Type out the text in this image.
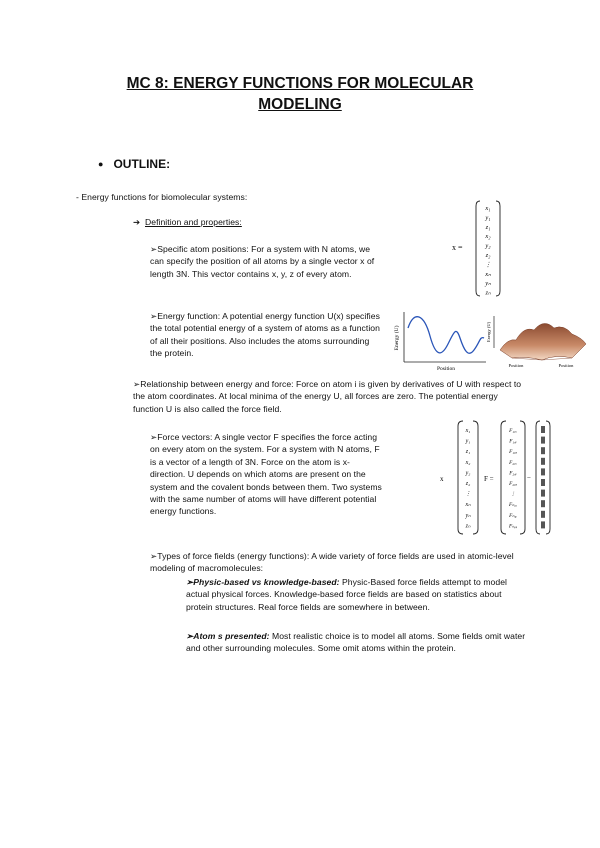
MC 8: ENERGY FUNCTIONS FOR MOLECULAR
MODELING
● OUTLINE:
- Energy functions for biomolecular systems:
➔ Definition and properties:
➢Specific atom positions: For a system with N atoms, we can specify the position of all atoms by a single vector x of length 3N. This vector contains x, y, z of every atom.
➢Energy function: A potential energy function U(x) specifies the total potential energy of a system of atoms as a function of all their positions. Also includes the atoms surrounding the protein.
➢Relationship between energy and force: Force on atom i is given by derivatives of U with respect to the atom coordinates. At local minima of the energy U, all forces are zero. The potential energy function U is also called the force field.
➢Force vectors: A single vector F specifies the force acting on every atom on the system. For a system with N atoms, F is a vector of a length of 3N. Force on the atom is x-direction. U depends on which atoms are present on the system and the covalent bonds between them. Two systems with the same number of atoms will have different potential energy functions.
➢Types of force fields (energy functions): A wide variety of force fields are used in atomic-level modeling of macromolecules:
➢Physic-based vs knowledge-based: Physic-Based force fields attempt to model actual physical forces. Knowledge-based force fields are based on statistics about protein structures. Real force fields are somewhere in between.
➢Atom s presented: Most realistic choice is to model all atoms. Some fields omit water and other surrounding molecules. Some omit atoms within the protein.
x =
x₁
y₁
z₁
x₂
y₂
z₂
⋮
xₙ
yₙ
zₙ
Energy (U)
Position
Energy (U)
Position	Position
x
x₁
y₁
z₁
x₂
y₂
z₂
⋮
xₙ
yₙ
zₙ
F =
F₁,ₓ
F₁,ᵧ
F₁,ᵩ
F₂,ₓ
F₂,ᵧ
F₂,ᵩ
⋮
Fₙ,ₓ
Fₙ,ᵧ
Fₙ,ᵩ
−
